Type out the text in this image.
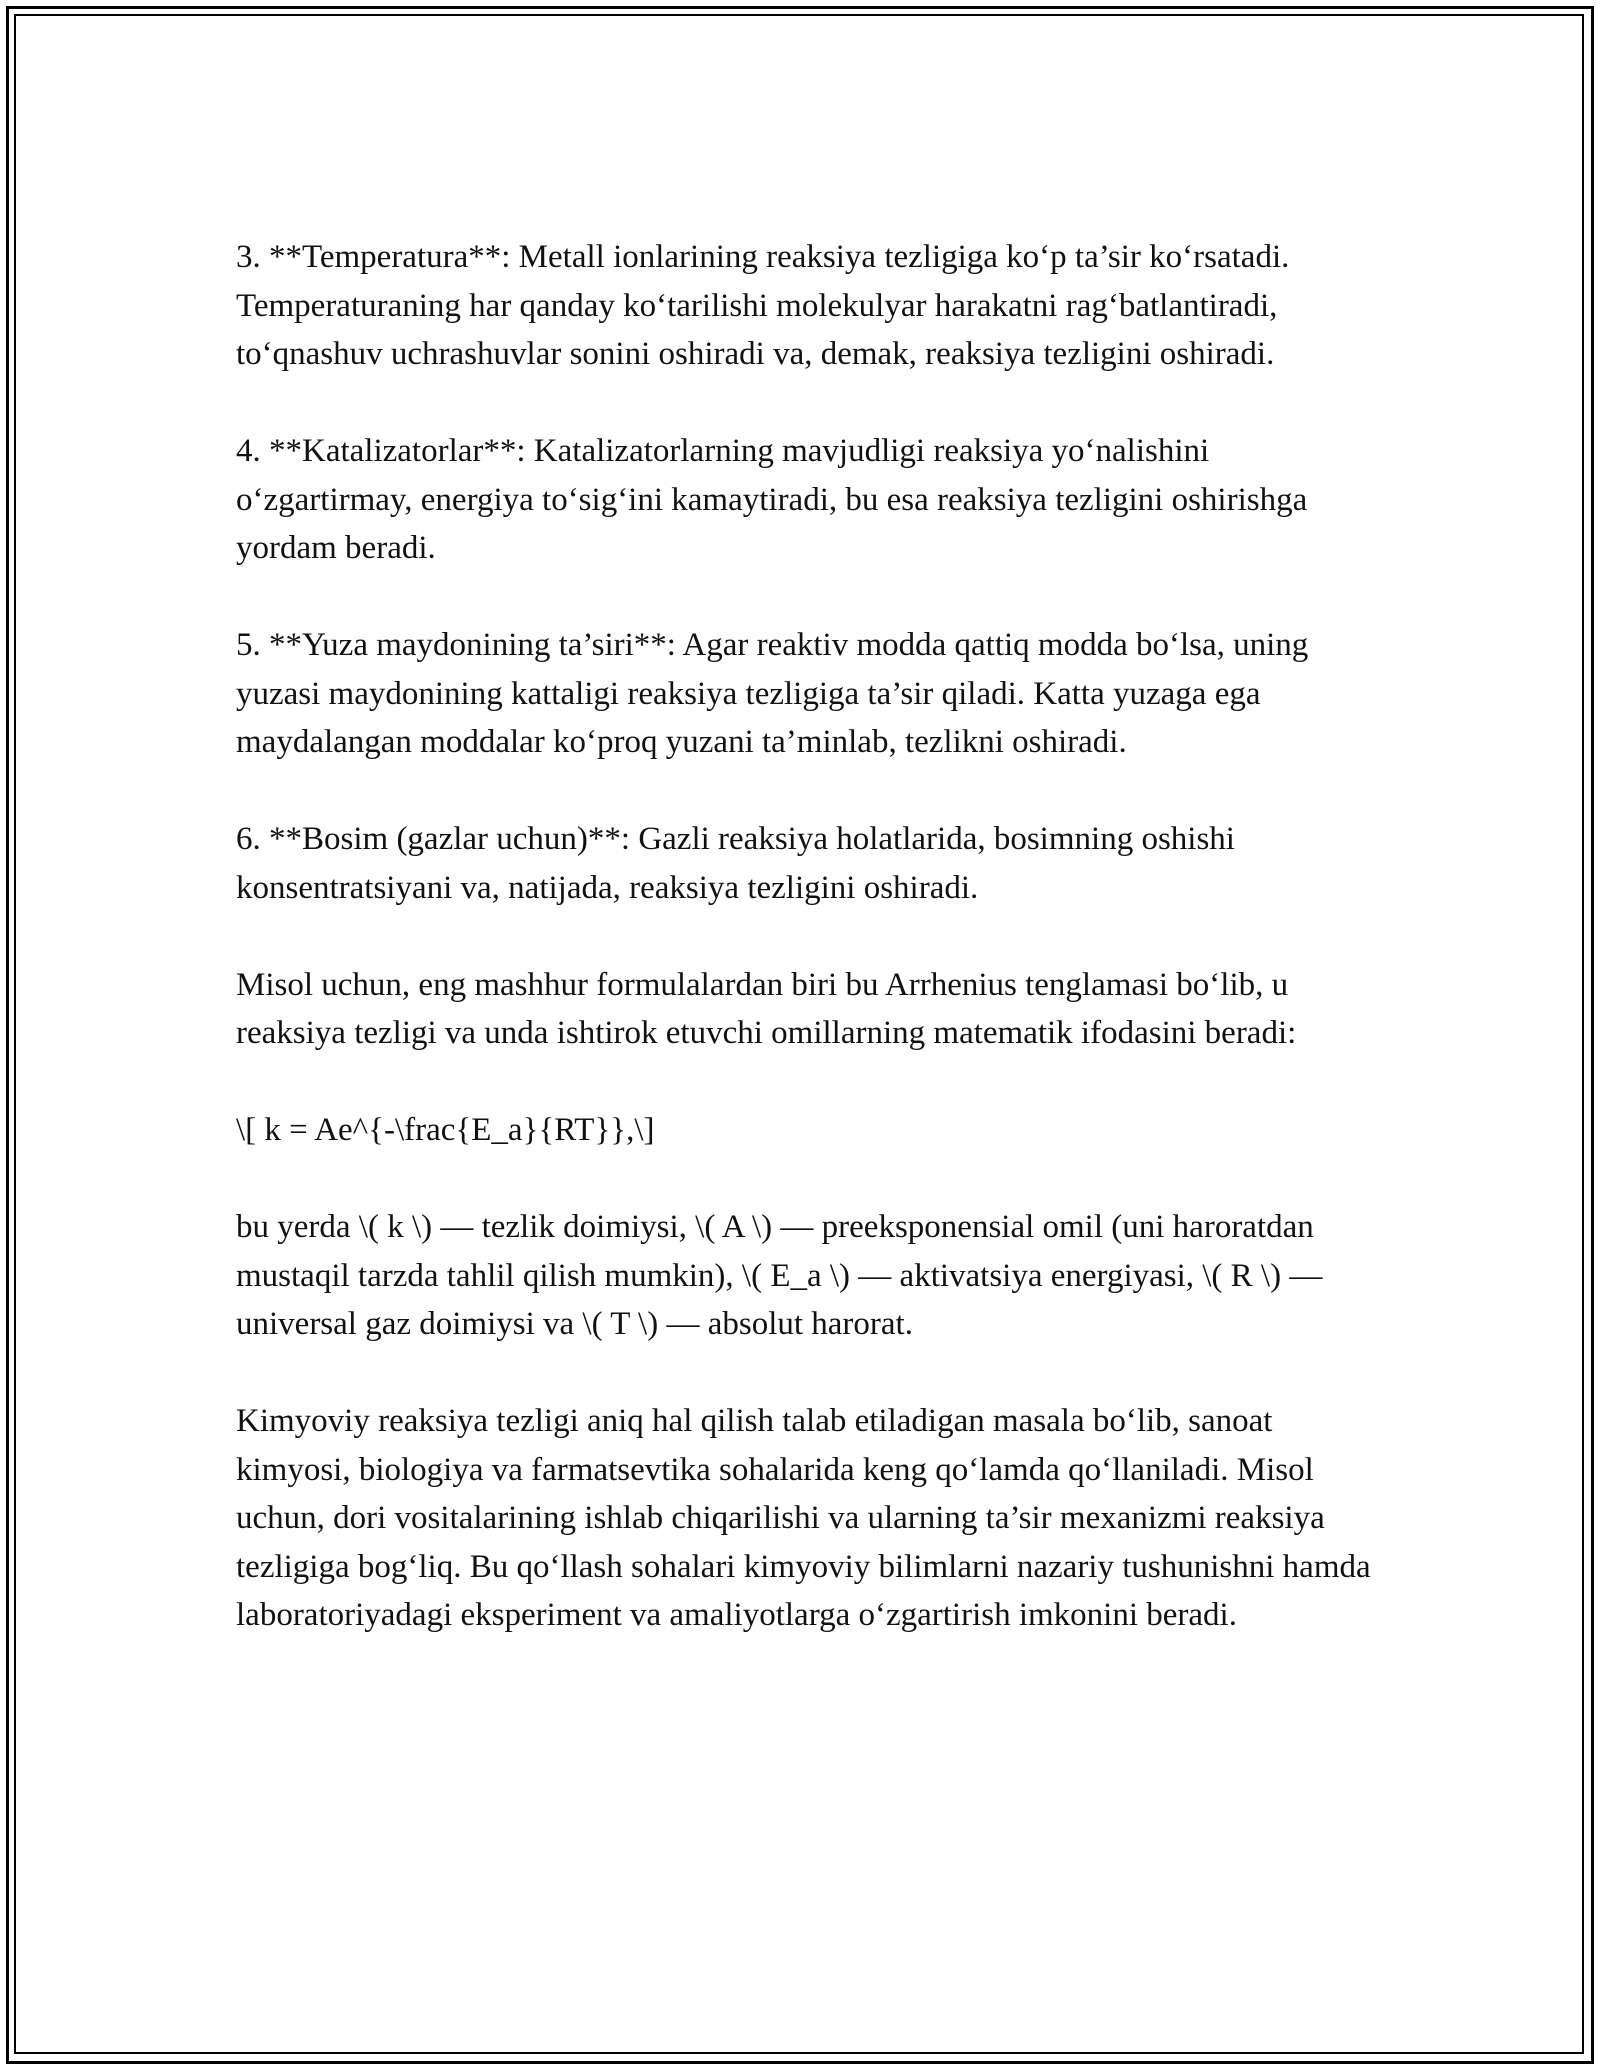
3. **Temperatura**: Metall ionlarining reaksiya tezligiga ko‘p ta’sir ko‘rsatadi. Temperaturaning har qanday ko‘tarilishi molekulyar harakatni rag‘batlantiradi, to‘qnashuv uchrashuvlar sonini oshiradi va, demak, reaksiya tezligini oshiradi.

4. **Katalizatorlar**: Katalizatorlarning mavjudligi reaksiya yo‘nalishini o‘zgartirmay, energiya to‘sig‘ini kamaytiradi, bu esa reaksiya tezligini oshirishga yordam beradi.

5. **Yuza maydonining ta’siri**: Agar reaktiv modda qattiq modda bo‘lsa, uning yuzasi maydonining kattaligi reaksiya tezligiga ta’sir qiladi. Katta yuzaga ega maydalangan moddalar ko‘proq yuzani ta’minlab, tezlikni oshiradi.

6. **Bosim (gazlar uchun)**: Gazli reaksiya holatlarida, bosimning oshishi konsentratsiyani va, natijada, reaksiya tezligini oshiradi.

Misol uchun, eng mashhur formulalardan biri bu Arrhenius tenglamasi bo‘lib, u reaksiya tezligi va unda ishtirok etuvchi omillarning matematik ifodasini beradi:

\[ k = Ae^{-\frac{E_a}{RT}},\]

bu yerda \( k \) — tezlik doimiysi, \( A \) — preeksponensial omil (uni haroratdan mustaqil tarzda tahlil qilish mumkin), \( E_a \) — aktivatsiya energiyasi, \( R \) — universal gaz doimiysi va \( T \) — absolut harorat.

Kimyoviy reaksiya tezligi aniq hal qilish talab etiladigan masala bo‘lib, sanoat kimyosi, biologiya va farmatsevtika sohalarida keng qo‘lamda qo‘llaniladi. Misol uchun, dori vositalarining ishlab chiqarilishi va ularning ta’sir mexanizmi reaksiya tezligiga bog‘liq. Bu qo‘llash sohalari kimyoviy bilimlarni nazariy tushunishni hamda laboratoriyadagi eksperiment va amaliyotlarga o‘zgartirish imkonini beradi.
